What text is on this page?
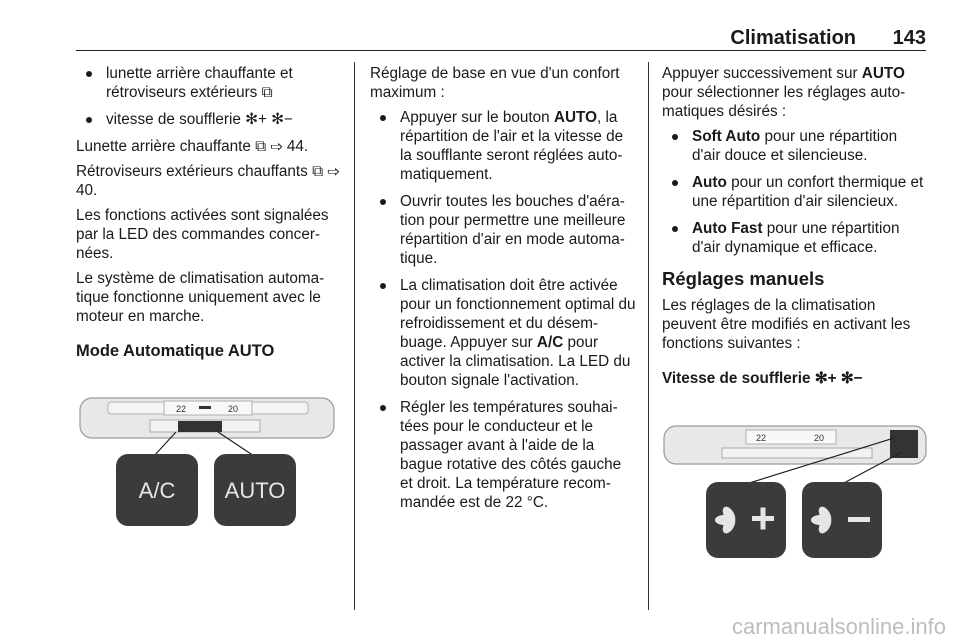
Climatisation 143
lunette arrière chauffante et rétroviseurs extérieurs ⧉
vitesse de soufflerie ✻+ ✻−

Lunette arrière chauffante ⧉ ⇨ 44.

Rétroviseurs extérieurs chauffants ⧉ ⇨ 40.

Les fonctions activées sont signalées par la LED des commandes concer-nées.

Le système de climatisation automa-tique fonctionne uniquement avec le moteur en marche.

Mode Automatique AUTO
22	20
A/C AUTO

Réglage de base en vue d'un confort maximum :

Appuyer sur le bouton AUTO, la répartition de l'air et la vitesse de la soufflante seront réglées auto-matiquement.
Ouvrir toutes les bouches d'aéra-tion pour permettre une meilleure répartition d'air en mode automa-tique.
La climatisation doit être activée pour un fonctionnement optimal du refroidissement et du désem-buage. Appuyer sur A/C pour activer la climatisation. La LED du bouton signale l'activation.
Régler les températures souhai-tées pour le conducteur et le passager avant à l'aide de la bague rotative des côtés gauche et droit. La température recom-mandée est de 22 °C.

Appuyer successivement sur AUTO pour sélectionner les réglages auto-matiques désirés :

Soft Auto pour une répartition d'air douce et silencieuse.
Auto pour un confort thermique et une répartition d'air silencieux.
Auto Fast pour une répartition d'air dynamique et efficace.
Réglages manuels

Les réglages de la climatisation peuvent être modifiés en activant les fonctions suivantes :

Vitesse de soufflerie ✻+ ✻−
22	20
carmanualsonline.info
